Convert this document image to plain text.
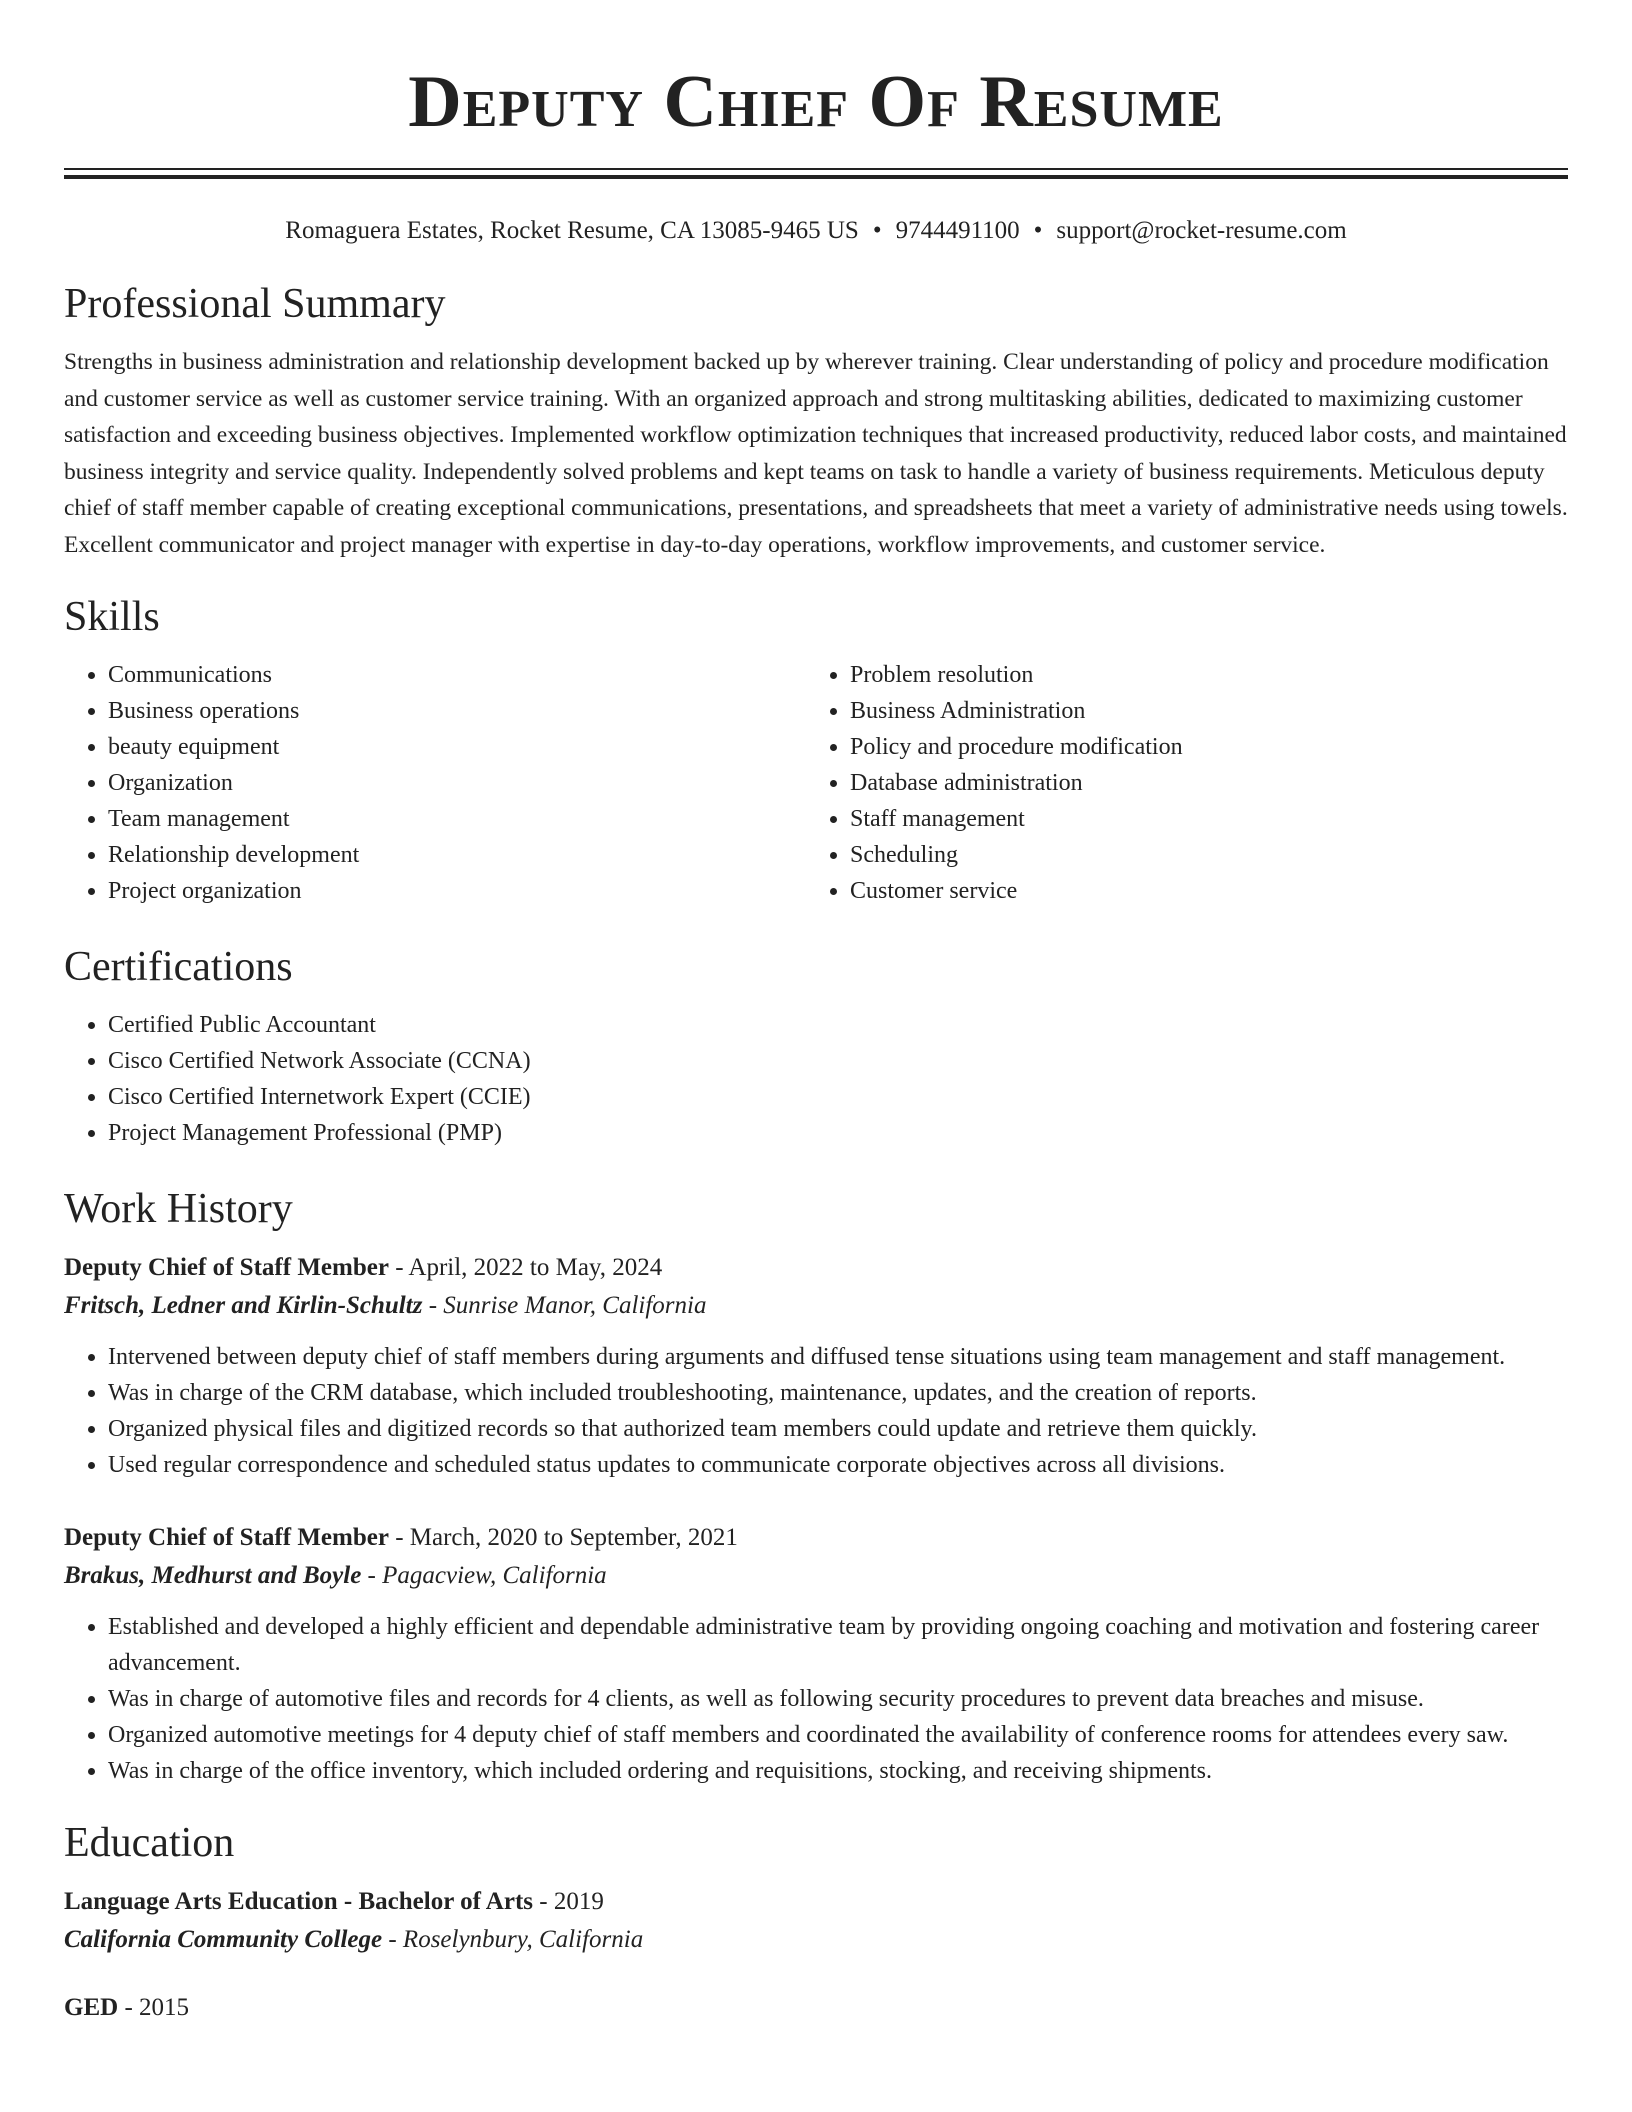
Deputy Chief Of Resume
Romaguera Estates, Rocket Resume, CA 13085-9465 US • 9744491100 • support@rocket-resume.com
Professional Summary

Strengths in business administration and relationship development backed up by wherever training. Clear understanding of policy and procedure modification and customer service as well as customer service training. With an organized approach and strong multitasking abilities, dedicated to maximizing customer satisfaction and exceeding business objectives. Implemented workflow optimization techniques that increased productivity, reduced labor costs, and maintained business integrity and service quality. Independently solved problems and kept teams on task to handle a variety of business requirements. Meticulous deputy chief of staff member capable of creating exceptional communications, presentations, and spreadsheets that meet a variety of administrative needs using towels. Excellent communicator and project manager with expertise in day-to-day operations, workflow improvements, and customer service.

Skills
• Communications
• Business operations
• beauty equipment
• Organization
• Team management
• Relationship development
• Project organization
• Problem resolution
• Business Administration
• Policy and procedure modification
• Database administration
• Staff management
• Scheduling
• Customer service
Certifications
• Certified Public Accountant
• Cisco Certified Network Associate (CCNA)
• Cisco Certified Internetwork Expert (CCIE)
• Project Management Professional (PMP)
Work History
Deputy Chief of Staff Member - April, 2022 to May, 2024
Fritsch, Ledner and Kirlin-Schultz - Sunrise Manor, California
• Intervened between deputy chief of staff members during arguments and diffused tense situations using team management and staff management.
• Was in charge of the CRM database, which included troubleshooting, maintenance, updates, and the creation of reports.
• Organized physical files and digitized records so that authorized team members could update and retrieve them quickly.
• Used regular correspondence and scheduled status updates to communicate corporate objectives across all divisions.
Deputy Chief of Staff Member - March, 2020 to September, 2021
Brakus, Medhurst and Boyle - Pagacview, California
• Established and developed a highly efficient and dependable administrative team by providing ongoing coaching and motivation and fostering career advancement.
• Was in charge of automotive files and records for 4 clients, as well as following security procedures to prevent data breaches and misuse.
• Organized automotive meetings for 4 deputy chief of staff members and coordinated the availability of conference rooms for attendees every saw.
• Was in charge of the office inventory, which included ordering and requisitions, stocking, and receiving shipments.
Education
Language Arts Education - Bachelor of Arts - 2019
California Community College - Roselynbury, California
GED - 2015
